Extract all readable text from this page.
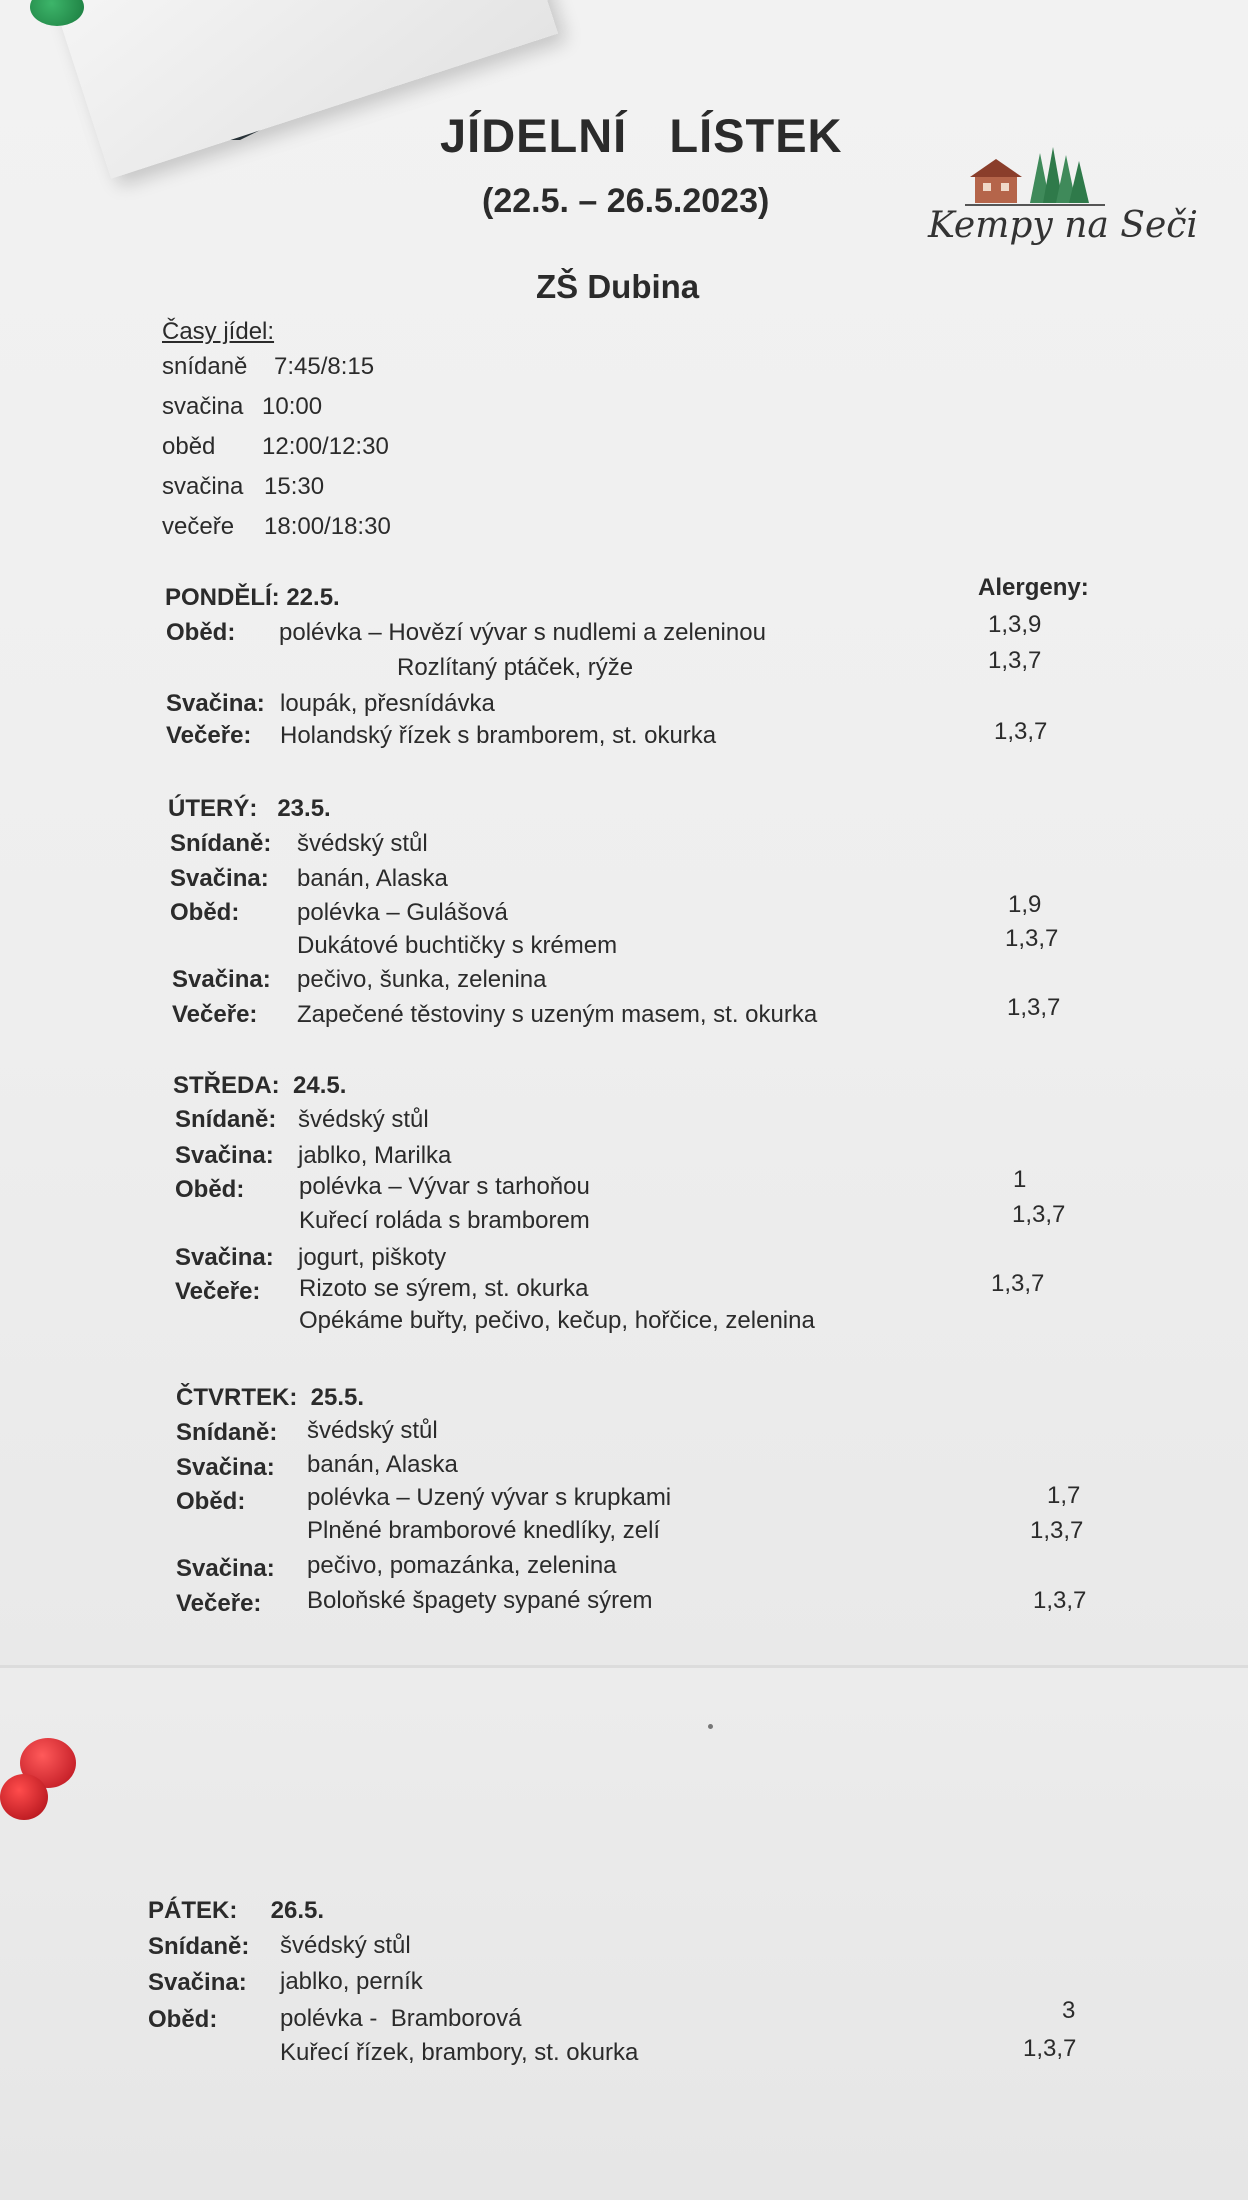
JÍDELNÍ   LÍSTEK
(22.5. – 26.5.2023)
ZŠ Dubina
Kempy na Seči
Časy jídel:
snídaně 7:45/8:15
svačina 10:00
oběd 12:00/12:30
svačina 15:30
večeře 18:00/18:30
Alergeny:
PONDĚLÍ: 22.5.
Oběd: polévka – Hovězí vývar s nudlemi a zeleninou	1,3,9
Rozlítaný ptáček, rýže	1,3,7
Svačina: loupák, přesnídávka
Večeře: Holandský řízek s bramborem, st. okurka	1,3,7
ÚTERÝ:   23.5.
Snídaně: švédský stůl
Svačina: banán, Alaska
Oběd: polévka – Gulášová	1,9
Dukátové buchtičky s krémem	1,3,7
Svačina: pečivo, šunka, zelenina
Večeře: Zapečené těstoviny s uzeným masem, st. okurka	1,3,7
STŘEDA:  24.5.
Snídaně: švédský stůl
Svačina: jablko, Marilka
Oběd: polévka – Vývar s tarhoňou	1
Kuřecí roláda s bramborem	1,3,7
Svačina: jogurt, piškoty
Večeře: Rizoto se sýrem, st. okurka	1,3,7
Opékáme buřty, pečivo, kečup, hořčice, zelenina
ČTVRTEK:  25.5.
Snídaně: švédský stůl
Svačina: banán, Alaska
Oběd:	polévka – Uzený vývar s krupkami	1,7
Plněné bramborové knedlíky, zelí	1,3,7
Svačina: pečivo, pomazánka, zelenina
Večeře: Boloňské špagety sypané sýrem	1,3,7
PÁTEK:     26.5.
Snídaně: švédský stůl
Svačina: jablko, perník
Oběd:	polévka -  Bramborová	3
Kuřecí řízek, brambory, st. okurka	1,3,7
